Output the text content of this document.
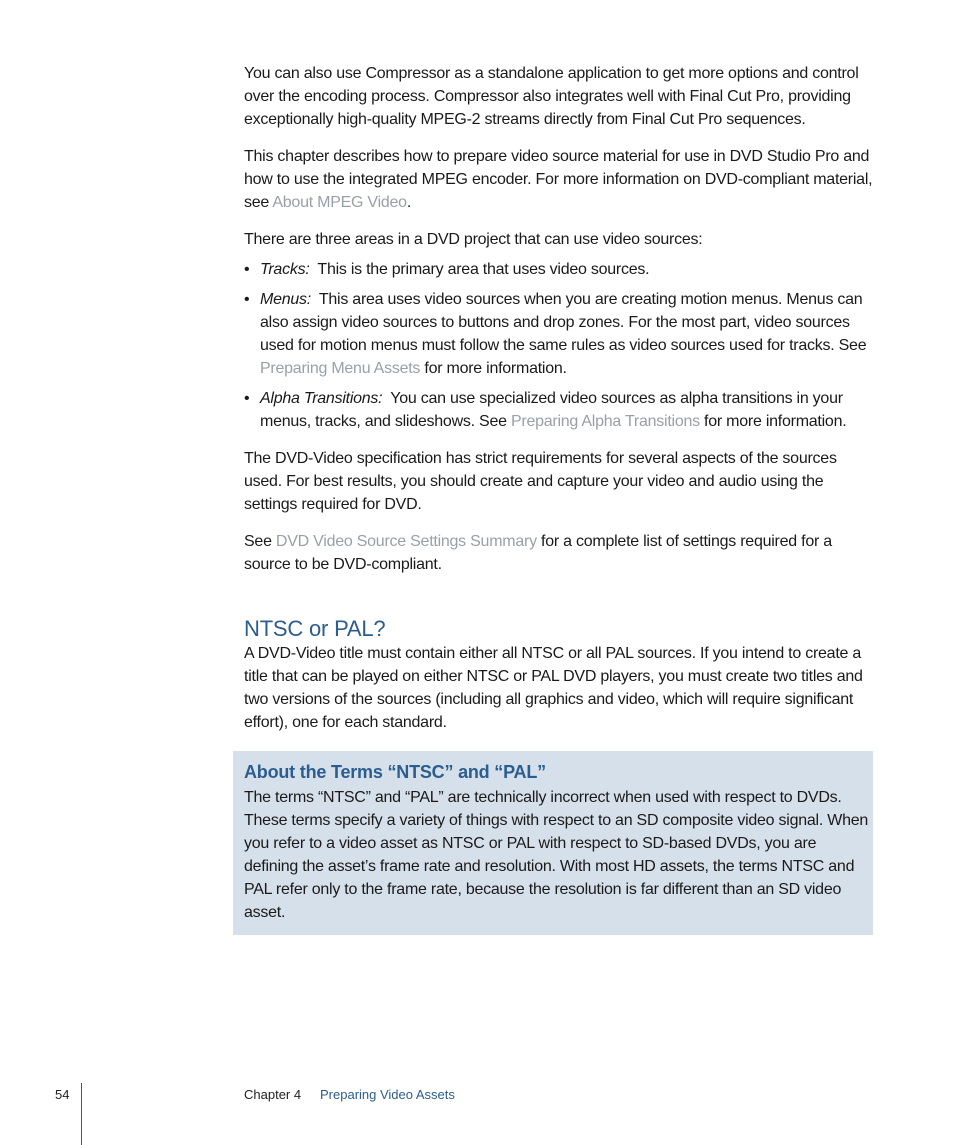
You can also use Compressor as a standalone application to get more options and control over the encoding process. Compressor also integrates well with Final Cut Pro, providing exceptionally high-quality MPEG-2 streams directly from Final Cut Pro sequences.

This chapter describes how to prepare video source material for use in DVD Studio Pro and how to use the integrated MPEG encoder. For more information on DVD-compliant material, see About MPEG Video.

There are three areas in a DVD project that can use video sources:

• Tracks: This is the primary area that uses video sources.
• Menus: This area uses video sources when you are creating motion menus. Menus can also assign video sources to buttons and drop zones. For the most part, video sources used for motion menus must follow the same rules as video sources used for tracks. See Preparing Menu Assets for more information.
• Alpha Transitions: You can use specialized video sources as alpha transitions in your menus, tracks, and slideshows. See Preparing Alpha Transitions for more information.

The DVD-Video specification has strict requirements for several aspects of the sources used. For best results, you should create and capture your video and audio using the settings required for DVD.

See DVD Video Source Settings Summary for a complete list of settings required for a source to be DVD-compliant.

NTSC or PAL?

A DVD-Video title must contain either all NTSC or all PAL sources. If you intend to create a title that can be played on either NTSC or PAL DVD players, you must create two titles and two versions of the sources (including all graphics and video, which will require significant effort), one for each standard.

About the Terms “NTSC” and “PAL”

The terms “NTSC” and “PAL” are technically incorrect when used with respect to DVDs. These terms specify a variety of things with respect to an SD composite video signal. When you refer to a video asset as NTSC or PAL with respect to SD-based DVDs, you are defining the asset’s frame rate and resolution. With most HD assets, the terms NTSC and PAL refer only to the frame rate, because the resolution is far different than an SD video asset.

54	Chapter 4 Preparing Video Assets
